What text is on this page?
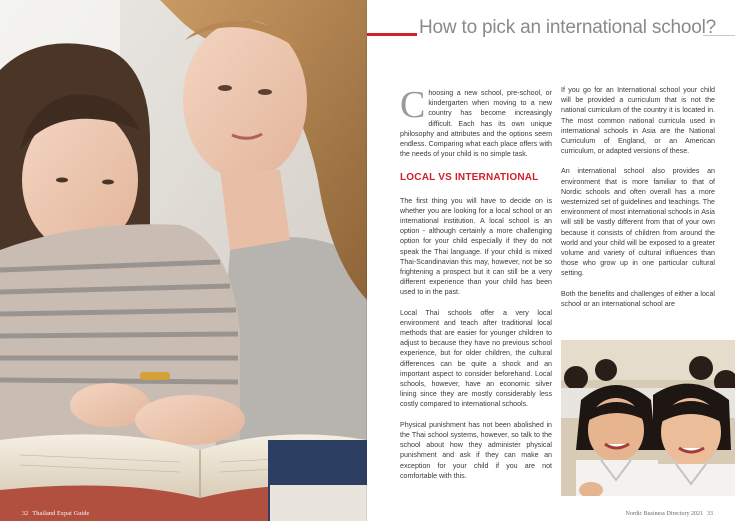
32 Thailand Expat Guide
How to pick an international school?

Choosing a new school, pre-school, or kindergarten when moving to a new country has become increasingly difficult. Each has its own unique philosophy and attributes and the options seem endless. Comparing what each place offers with the needs of your child is no simple task.

LOCAL VS INTERNATIONAL

The first thing you will have to decide on is whether you are looking for a local school or an international institution. A local school is an option - although certainly a more challenging option for your child especially if they do not speak the Thai language. If your child is mixed Thai-Scandinavian this may, however, not be so frightening a prospect but it can still be a very different experience than your child has been used to in the past.

Local Thai schools offer a very local environment and teach after traditional local methods that are easier for younger children to adjust to because they have no previous school experience, but for older children, the cultural differences can be quite a shock and an important aspect to consider beforehand. Local schools, however, have an economic silver lining since they are mostly considerably less costly compared to international schools.

Physical punishment has not been abolished in the Thai school systems, however, so talk to the school about how they administer physical punishment and ask if they can make an exception for your child if you are not comfortable with this.

If you go for an International school your child will be provided a curriculum that is not the national curriculum of the country it is located in. The most common national curricula used in international schools in Asia are the National Curriculum of England, or an American curriculum, or adapted versions of these.

An international school also provides an environment that is more familiar to that of Nordic schools and often overall has a more westernized set of guidelines and teachings. The environment of most international schools in Asia will still be vastly different from that of your own because it consists of children from around the world and your child will be exposed to a greater volume and variety of cultural influences than those who grow up in one particular cultural setting.

Both the benefits and challenges of either a local school or an international school are

Nordic Business Directory 2021 33
